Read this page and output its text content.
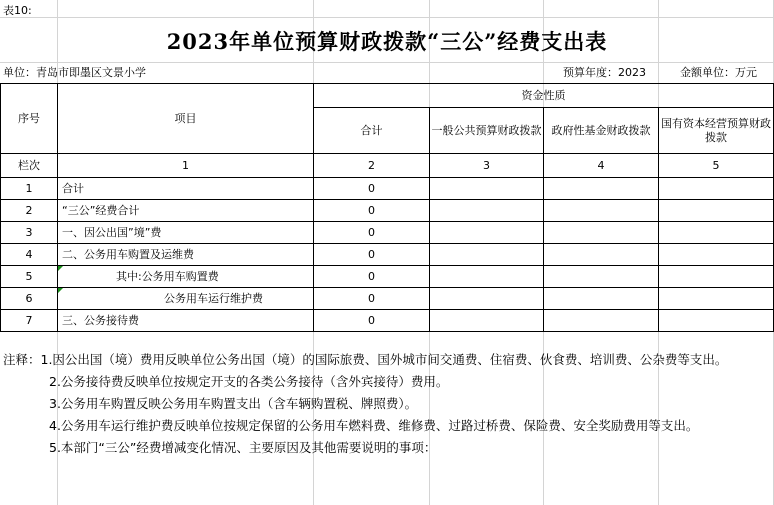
表10:
2023年单位预算财政拨款“三公”经费支出表
单位：青岛市即墨区文景小学	预算年度：2023	金额单位：万元
序号	项目	资金性质			
		合计	一般公共预算财政拨款	政府性基金财政拨款	国有资本经营预算财政拨款
栏次	1	2	3	4	5
1	合计	0			
2	“三公”经费合计	0			
3	一、因公出国”境”费	0			
4	二、公务用车购置及运维费	0			
5	其中:公务用车购置费	0			
6	公务用车运行维护费	0			
7	三、公务接待费	0			

注释：1.因公出国（境）费用反映单位公务出国（境）的国际旅费、国外城市间交通费、住宿费、伙食费、培训费、公杂费等支出。

2.公务接待费反映单位按规定开支的各类公务接待（含外宾接待）费用。

3.公务用车购置反映公务用车购置支出（含车辆购置税、牌照费）。

4.公务用车运行维护费反映单位按规定保留的公务用车燃料费、维修费、过路过桥费、保险费、安全奖励费用等支出。

5.本部门“三公”经费增减变化情况、主要原因及其他需要说明的事项：
